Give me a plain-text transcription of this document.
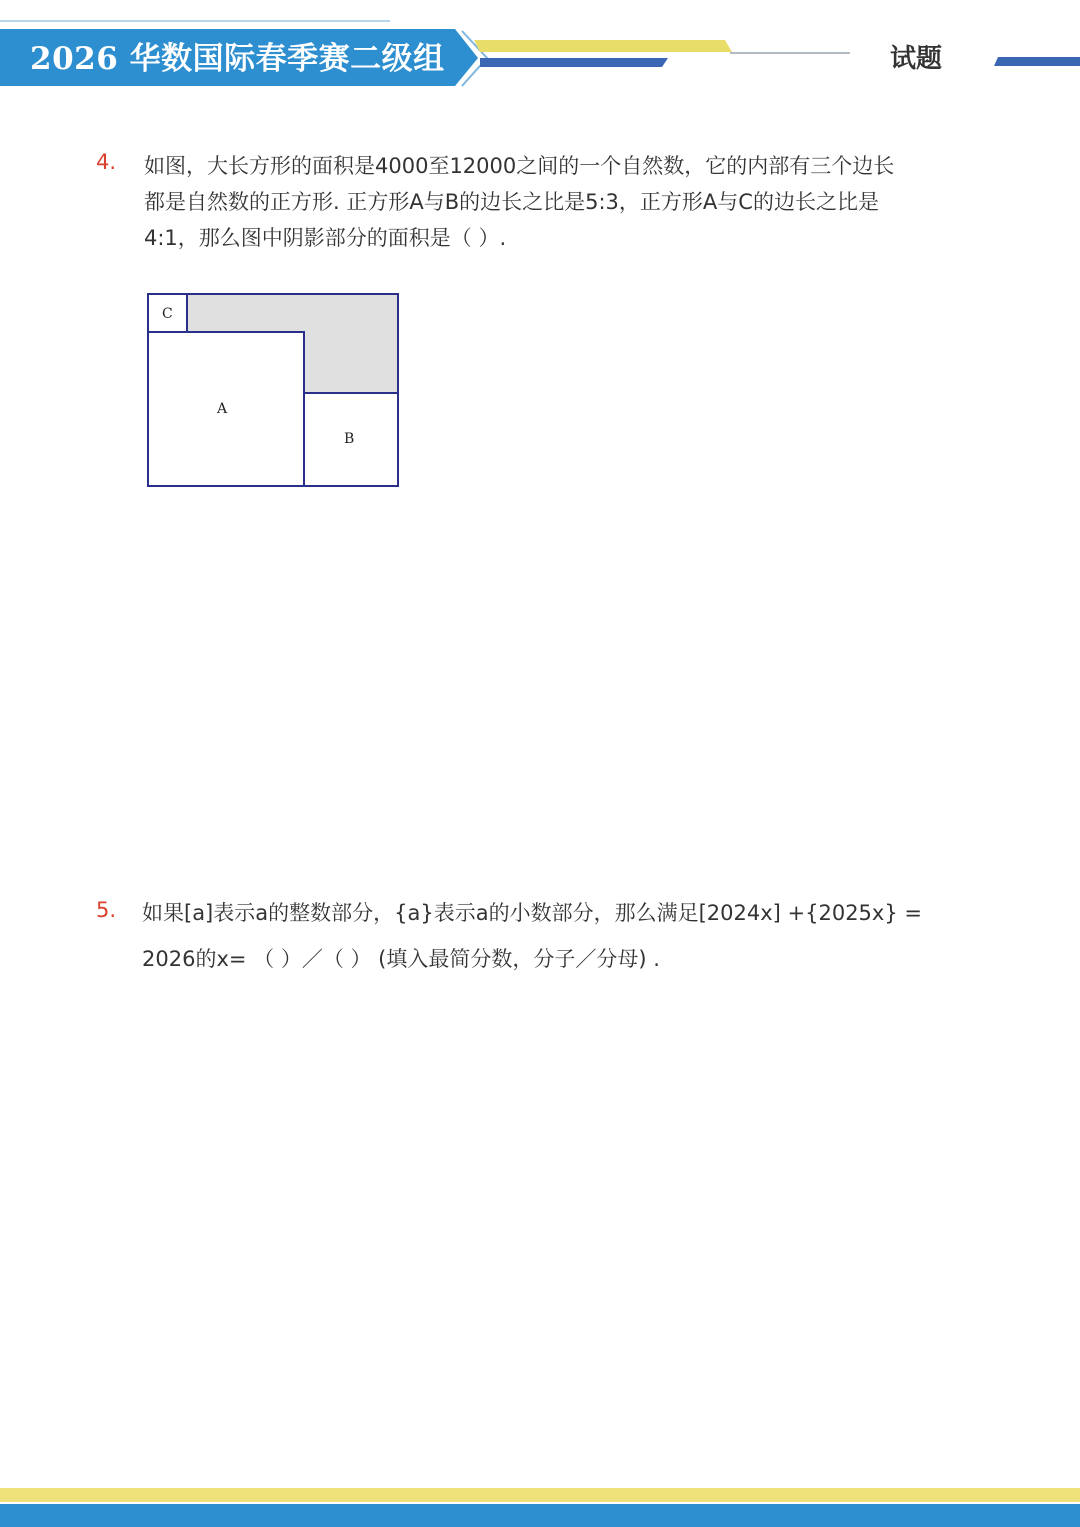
2026 华数国际春季赛二级组	试题
4. 如图，大长方形的面积是4000至12000之间的一个自然数，它的内部有三个边长

都是自然数的正方形. 正方形A与B的边长之比是5:3，正方形A与C的边长之比是

4:1，那么图中阴影部分的面积是（ ）.

C
A
B
5. 如果[a]表示a的整数部分，{a}表示a的小数部分，那么满足[2024x] +{2025x} =

2026的x= （ ）／（ ） (填入最简分数，分子／分母) .
